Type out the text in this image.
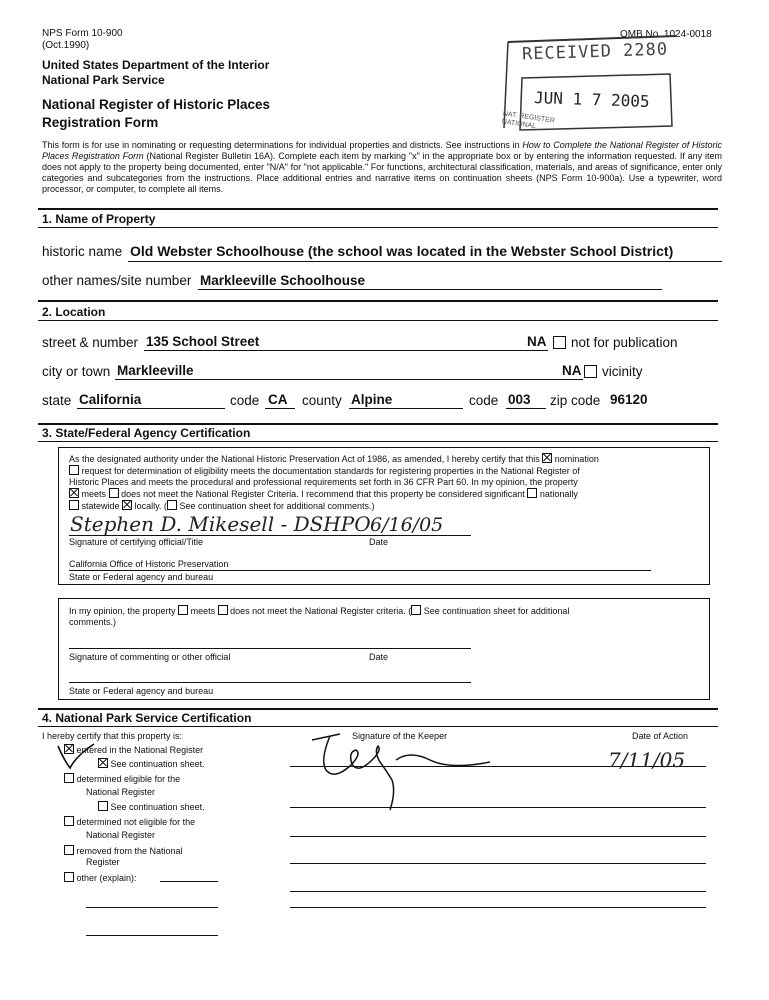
NPS Form 10-900
(Oct.1990)
OMB No. 1024-0018
United States Department of the Interior
National Park Service
National Register of Historic Places
Registration Form
RECEIVED 2280
JUN 1 7 2005
NAT. REGISTER
NATIONAL
This form is for use in nominating or requesting determinations for individual properties and districts. See instructions in How to Complete the National Register of Historic Places Registration Form (National Register Bulletin 16A). Complete each item by marking "x" in the appropriate box or by entering the information requested. If any item does not apply to the property being documented, enter "N/A" for "not applicable." For functions, architectural classification, materials, and areas of significance, enter only categories and subcategories from the instructions. Place additional entries and narrative items on continuation sheets (NPS Form 10-900a). Use a typewriter, word processor, or computer, to complete all items.
1. Name of Property
historic name Old Webster Schoolhouse (the school was located in the Webster School District)
other names/site number Markleeville Schoolhouse
2. Location
street & number 135 School Street	NA not for publication
city or town Markleeville	NA vicinity
state California	code CA county Alpine	code 003 zip code 96120
3. State/Federal Agency Certification
As the designated authority under the National Historic Preservation Act of 1986, as amended, I hereby certify that this nomination
request for determination of eligibility meets the documentation standards for registering properties in the National Register of
Historic Places and meets the procedural and professional requirements set forth in 36 CFR Part 60. In my opinion, the property
meets does not meet the National Register Criteria. I recommend that this property be considered significant nationally
statewide locally. ( See continuation sheet for additional comments.)
Stephen D. Mikesell - DSHPO 6/16/05
Signature of certifying official/Title	Date
California Office of Historic Preservation
State or Federal agency and bureau
In my opinion, the property meets does not meet the National Register criteria. ( See continuation sheet for additional
comments.)
Signature of commenting or other official	Date
State or Federal agency and bureau
4. National Park Service Certification
I hereby certify that this property is:	Signature of the Keeper	Date of Action
entered in the National Register
See continuation sheet.
determined eligible for the
National Register
See continuation sheet.
determined not eligible for the
National Register
removed from the National
Register
other (explain):
7/11/05
